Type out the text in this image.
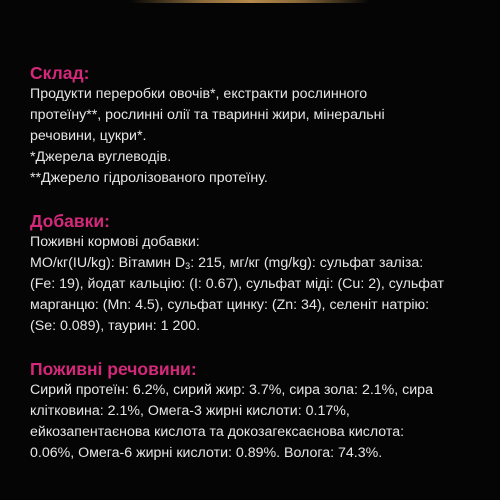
Склад:

Продукти переробки овочів*, екстракти рослинного

протеїну**, рослинні олії та тваринні жири, мінеральні

речовини, цукри*.

*Джерела вуглеводів.

**Джерело гідролізованого протеїну.

Добавки:

Поживні кормові добавки:

МО/кг(IU/kg): Вітамин $D_3$: 215, мг/кг (mg/kg): сульфат заліза:

(Fe: 19), йодат кальцію: (I: 0.67), сульфат міді: (Cu: 2), сульфат

марганцю: (Mn: 4.5), сульфат цинку: (Zn: 34), селеніт натрію:

(Se: 0.089), таурин: 1 200.

Поживні речовини:

Сирий протеїн: 6.2%, сирий жир: 3.7%, сира зола: 2.1%, сира

клітковина: 2.1%, Омега-3 жирні кислоти: 0.17%,

ейкозапентаєнова кислота та докозагексаєнова кислота:

0.06%, Омега-6 жирні кислоти: 0.89%. Волога: 74.3%.
